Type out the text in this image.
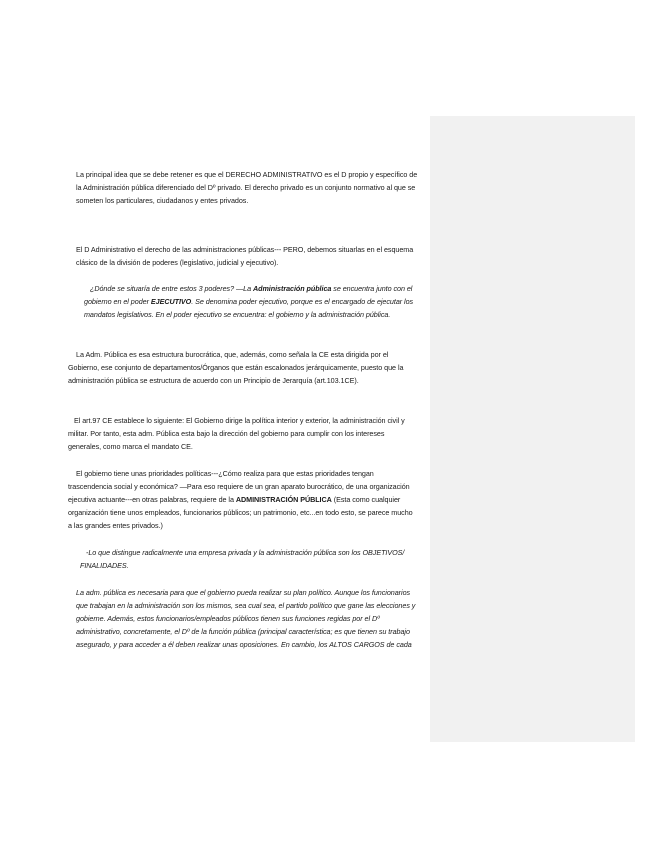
La principal idea que se debe retener es que el DERECHO ADMINISTRATIVO es el D propio y específico de la Administración pública diferenciado del Dº privado. El derecho privado es un conjunto normativo al que se someten los particulares, ciudadanos y entes privados.

El D Administrativo el derecho de las administraciones públicas--- PERO, debemos situarlas en el esquema clásico de la división de poderes (legislativo, judicial y ejecutivo).

¿Dónde se situaría de entre estos 3 poderes? —La Administración pública se encuentra junto con el gobierno en el poder EJECUTIVO. Se denomina poder ejecutivo, porque es el encargado de ejecutar los mandatos legislativos. En el poder ejecutivo se encuentra: el gobierno y la administración pública.

La Adm. Pública es esa estructura burocrática, que, además, como señala la CE esta dirigida por el Gobierno, ese conjunto de departamentos/Órganos que están escalonados jerárquicamente, puesto que la administración pública se estructura de acuerdo con un Principio de Jerarquía (art.103.1CE).

El art.97 CE establece lo siguiente: El Gobierno dirige la política interior y exterior, la administración civil y militar. Por tanto, esta adm. Pública esta bajo la dirección del gobierno para cumplir con los intereses generales, como marca el mandato CE.

El gobierno tiene unas prioridades políticas---¿Cómo realiza para que estas prioridades tengan trascendencia social y económica? —Para eso requiere de un gran aparato burocrático, de una organización ejecutiva actuante---en otras palabras, requiere de la ADMINISTRACIÓN PÚBLICA (Esta como cualquier organización tiene unos empleados, funcionarios públicos; un patrimonio, etc...en todo esto, se parece mucho a las grandes entes privados.)

-Lo que distingue radicalmente una empresa privada y la administración pública son los OBJETIVOS/ FINALIDADES.

La adm. pública es necesaria para que el gobierno pueda realizar su plan político. Aunque los funcionarios que trabajan en la administración son los mismos, sea cual sea, el partido político que gane las elecciones y gobierne. Además, estos funcionarios/empleados públicos tienen sus funciones regidas por el Dº administrativo, concretamente, el Dº de la función pública (principal característica; es que tienen su trabajo asegurado, y para acceder a él deben realizar unas oposiciones. En cambio, los ALTOS CARGOS de cada
